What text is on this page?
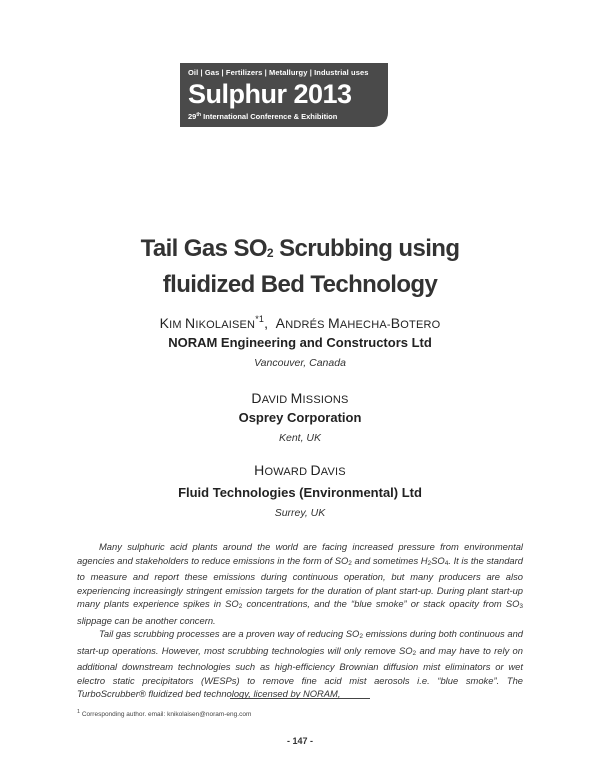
Oil | Gas | Fertilizers | Metallurgy | Industrial uses
Sulphur 2013
29th International Conference & Exhibition
Tail Gas $SO_2$ Scrubbing using
fluidized Bed Technology
KIM NIKOLAISEN$^{*1}$,  ANDRÉS MAHECHA-BOTERO
NORAM Engineering and Constructors Ltd
Vancouver, Canada
DAVID MISSIONS
Osprey Corporation
Kent, UK
HOWARD DAVIS
Fluid Technologies (Environmental) Ltd
Surrey, UK

Many sulphuric acid plants around the world are facing increased pressure from environmental agencies and stakeholders to reduce emissions in the form of $SO_2$ and sometimes $H_2SO_4$. It is the standard to measure and report these emissions during continuous operation, but many producers are also experiencing increasingly stringent emission targets for the duration of plant start-up. During plant start-up many plants experience spikes in $SO_2$ concentrations, and the “blue smoke” or stack opacity from $SO_3$ slippage can be another concern.

Tail gas scrubbing processes are a proven way of reducing $SO_2$ emissions during both continuous and start-up operations. However, most scrubbing technologies will only remove $SO_2$ and may have to rely on additional downstream technologies such as high-efficiency Brownian diffusion mist eliminators or wet electro static precipitators (WESPs) to remove fine acid mist aerosols i.e. “blue smoke”. The TurboScrubber® fluidized bed technology, licensed by NORAM,

$^1$ Corresponding author. email: knikolaisen@noram-eng.com
- 147 -
